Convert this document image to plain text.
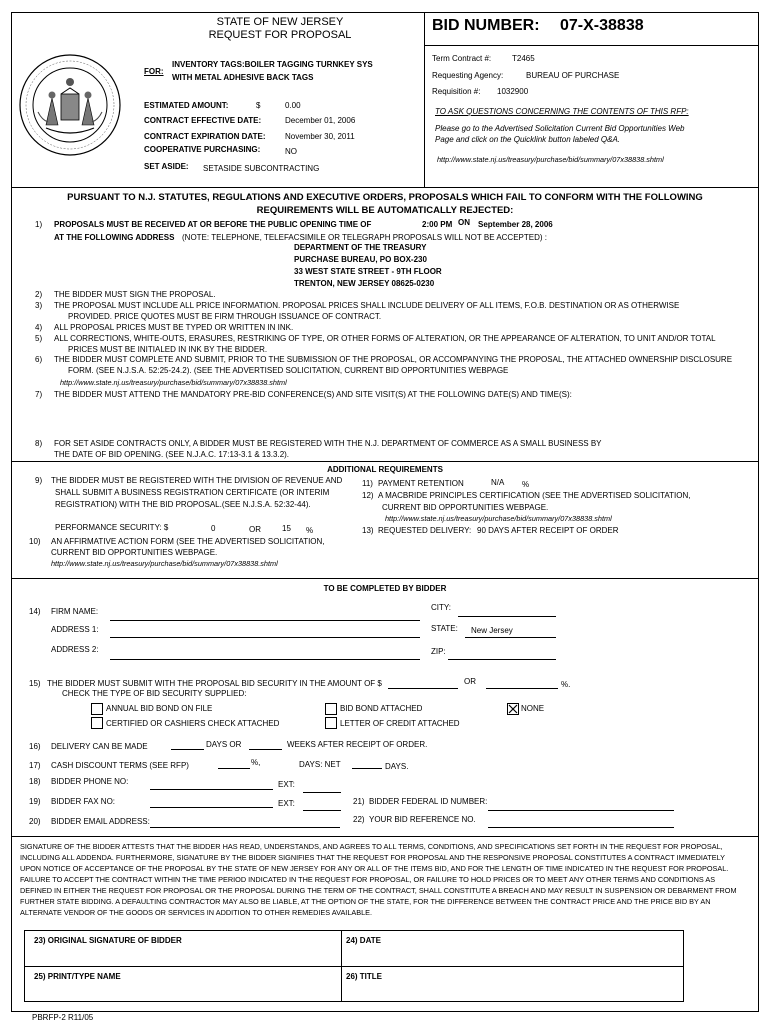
STATE OF NEW JERSEY
REQUEST FOR PROPOSAL
FOR:
INVENTORY TAGS:BOILER TAGGING TURNKEY SYS
WITH METAL ADHESIVE BACK TAGS
ESTIMATED AMOUNT:	$	0.00
CONTRACT EFFECTIVE DATE:	December 01, 2006
CONTRACT EXPIRATION DATE: November 30, 2011
COOPERATIVE PURCHASING:	NO
SET ASIDE: SETASIDE SUBCONTRACTING
BID NUMBER: 07-X-38838
Term Contract #:	T2465
Requesting Agency:	BUREAU OF PURCHASE
Requisition #: 1032900
TO ASK QUESTIONS CONCERNING THE CONTENTS OF THIS RFP:
Please go to the Advertised Solicitation Current Bid Opportunities Web
Page and click on the Quicklink button labeled Q&A.
http://www.state.nj.us/treasury/purchase/bid/summary/07x38838.shtml
PURSUANT TO N.J. STATUTES, REGULATIONS AND EXECUTIVE ORDERS, PROPOSALS WHICH FAIL TO CONFORM WITH THE FOLLOWING
REQUIREMENTS WILL BE AUTOMATICALLY REJECTED:
1) PROPOSALS MUST BE RECEIVED AT OR BEFORE THE PUBLIC OPENING TIME OF	2:00 PM ON September 28, 2006
AT THE FOLLOWING ADDRESS (NOTE: TELEPHONE, TELEFACSIMILE OR TELEGRAPH PROPOSALS WILL NOT BE ACCEPTED) :
DEPARTMENT OF THE TREASURY
PURCHASE BUREAU, PO BOX-230
33 WEST STATE STREET - 9TH FLOOR
TRENTON, NEW JERSEY 08625-0230
2) THE BIDDER MUST SIGN THE PROPOSAL.
3) THE PROPOSAL MUST INCLUDE ALL PRICE INFORMATION. PROPOSAL PRICES SHALL INCLUDE DELIVERY OF ALL ITEMS, F.O.B. DESTINATION OR AS OTHERWISE
PROVIDED. PRICE QUOTES MUST BE FIRM THROUGH ISSUANCE OF CONTRACT.
4) ALL PROPOSAL PRICES MUST BE TYPED OR WRITTEN IN INK.
5) ALL CORRECTIONS, WHITE-OUTS, ERASURES, RESTRIKING OF TYPE, OR OTHER FORMS OF ALTERATION, OR THE APPEARANCE OF ALTERATION, TO UNIT AND/OR TOTAL
PRICES MUST BE INITIALED IN INK BY THE BIDDER.
6) THE BIDDER MUST COMPLETE AND SUBMIT, PRIOR TO THE SUBMISSION OF THE PROPOSAL, OR ACCOMPANYING THE PROPOSAL, THE ATTACHED OWNERSHIP DISCLOSURE
FORM. (SEE N.J.S.A. 52:25-24.2). (SEE THE ADVERTISED SOLICITATION, CURRENT BID OPPORTUNITIES WEBPAGE
http://www.state.nj.us/treasury/purchase/bid/summary/07x38838.shtml
7) THE BIDDER MUST ATTEND THE MANDATORY PRE-BID CONFERENCE(S) AND SITE VISIT(S) AT THE FOLLOWING DATE(S) AND TIME(S):
8) FOR SET ASIDE CONTRACTS ONLY, A BIDDER MUST BE REGISTERED WITH THE N.J. DEPARTMENT OF COMMERCE AS A SMALL BUSINESS BY
THE DATE OF BID OPENING. (SEE N.J.A.C. 17:13-3.1 & 13.3.2).
ADDITIONAL REQUIREMENTS
9) THE BIDDER MUST BE REGISTERED WITH THE DIVISION OF REVENUE AND
SHALL SUBMIT A BUSINESS REGISTRATION CERTIFICATE (OR INTERIM
REGISTRATION) WITH THE BID PROPOSAL.(SEE N.J.S.A. 52:32-44).
PERFORMANCE SECURITY: $	0	OR	15 %
10) AN AFFIRMATIVE ACTION FORM (SEE THE ADVERTISED SOLICITATION,
CURRENT BID OPPORTUNITIES WEBPAGE.
http://www.state.nj.us/treasury/purchase/bid/summary/07x38838.shtml
11) PAYMENT RETENTION	N/A %
12) A MACBRIDE PRINCIPLES CERTIFICATION (SEE THE ADVERTISED SOLICITATION,
CURRENT BID OPPORTUNITIES WEBPAGE.
http://www.state.nj.us/treasury/purchase/bid/summary/07x38838.shtml
13) REQUESTED DELIVERY: 90 DAYS AFTER RECEIPT OF ORDER
TO BE COMPLETED BY BIDDER
14) FIRM NAME:	CITY:
ADDRESS 1:	STATE: New Jersey
ADDRESS 2:	ZIP:
15) THE BIDDER MUST SUBMIT WITH THE PROPOSAL BID SECURITY IN THE AMOUNT OF $	OR	%.
CHECK THE TYPE OF BID SECURITY SUPPLIED:
ANNUAL BID BOND ON FILE
CERTIFIED OR CASHIERS CHECK ATTACHED
BID BOND ATTACHED
LETTER OF CREDIT ATTACHED
NONE
16) DELIVERY CAN BE MADE	DAYS OR	WEEKS AFTER RECEIPT OF ORDER.
17) CASH DISCOUNT TERMS (SEE RFP)	%,	DAYS: NET	DAYS.
18) BIDDER PHONE NO:	EXT:
19) BIDDER FAX NO:	EXT:	21) BIDDER FEDERAL ID NUMBER:
20) BIDDER EMAIL ADDRESS:	22) YOUR BID REFERENCE NO.
SIGNATURE OF THE BIDDER ATTESTS THAT THE BIDDER HAS READ, UNDERSTANDS, AND AGREES TO ALL TERMS, CONDITIONS, AND SPECIFICATIONS SET FORTH IN THE REQUEST FOR PROPOSAL,
INCLUDING ALL ADDENDA. FURTHERMORE, SIGNATURE BY THE BIDDER SIGNIFIES THAT THE REQUEST FOR PROPOSAL AND THE RESPONSIVE PROPOSAL CONSTITUTES A CONTRACT IMMEDIATELY
UPON NOTICE OF ACCEPTANCE OF THE PROPOSAL BY THE STATE OF NEW JERSEY FOR ANY OR ALL OF THE ITEMS BID, AND FOR THE LENGTH OF TIME INDICATED IN THE REQUEST FOR PROPOSAL.
FAILURE TO ACCEPT THE CONTRACT WITHIN THE TIME PERIOD INDICATED IN THE REQUEST FOR PROPOSAL, OR FAILURE TO HOLD PRICES OR TO MEET ANY OTHER TERMS AND CONDITIONS AS
DEFINED IN EITHER THE REQUEST FOR PROPOSAL OR THE PROPOSAL DURING THE TERM OF THE CONTRACT, SHALL CONSTITUTE A BREACH AND MAY RESULT IN SUSPENSION OR DEBARMENT FROM
FURTHER STATE BIDDING. A DEFAULTING CONTRACTOR MAY ALSO BE LIABLE, AT THE OPTION OF THE STATE, FOR THE DIFFERENCE BETWEEN THE CONTRACT PRICE AND THE PRICE BID BY AN
ALTERNATE VENDOR OF THE GOODS OR SERVICES IN ADDITION TO OTHER REMEDIES AVAILABLE.
23) ORIGINAL SIGNATURE OF BIDDER	24) DATE
25) PRINT/TYPE NAME	26) TITLE
PBRFP-2 R11/05
